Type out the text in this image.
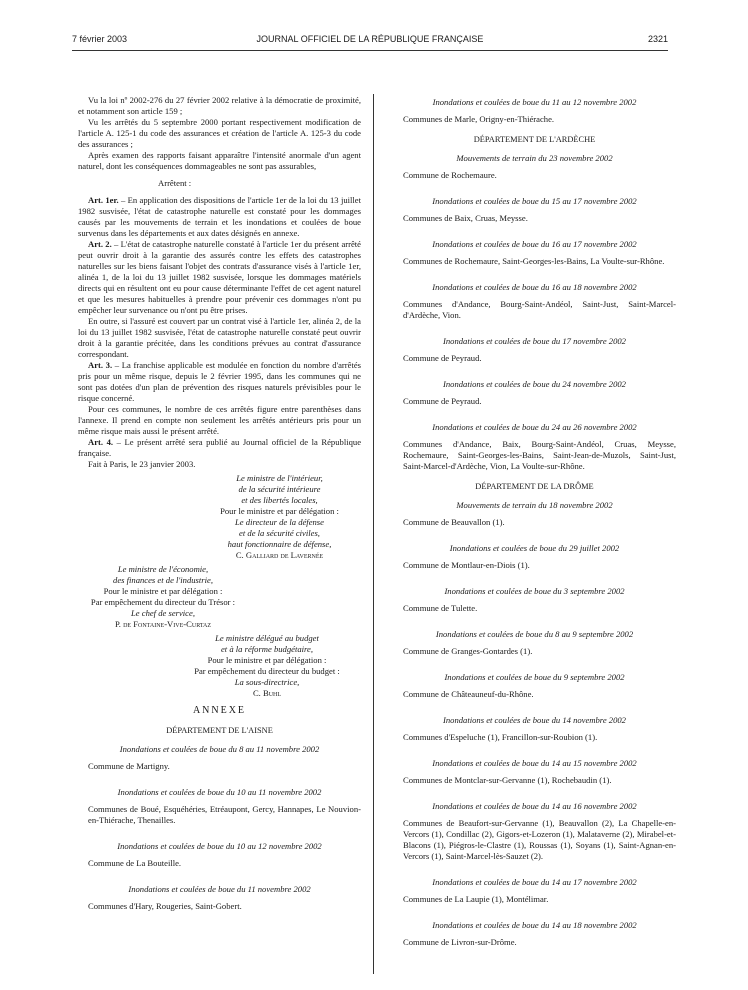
7 février 2003	JOURNAL OFFICIEL DE LA RÉPUBLIQUE FRANÇAISE	2321

Vu la loi nº 2002-276 du 27 février 2002 relative à la démocratie de proximité, et notamment son article 159 ;

Vu les arrêtés du 5 septembre 2000 portant respectivement modification de l'article A. 125-1 du code des assurances et création de l'article A. 125-3 du code des assurances ;

Après examen des rapports faisant apparaître l'intensité anormale d'un agent naturel, dont les conséquences dommageables ne sont pas assurables,

Arrêtent :

Art. 1er. – En application des dispositions de l'article 1er de la loi du 13 juillet 1982 susvisée, l'état de catastrophe naturelle est constaté pour les dommages causés par les mouvements de terrain et les inondations et coulées de boue survenus dans les départements et aux dates désignés en annexe.

Art. 2. – L'état de catastrophe naturelle constaté à l'article 1er du présent arrêté peut ouvrir droit à la garantie des assurés contre les effets des catastrophes naturelles sur les biens faisant l'objet des contrats d'assurance visés à l'article 1er, alinéa 1, de la loi du 13 juillet 1982 susvisée, lorsque les dommages matériels directs qui en résultent ont eu pour cause déterminante l'effet de cet agent naturel et que les mesures habituelles à prendre pour prévenir ces dommages n'ont pu empêcher leur survenance ou n'ont pu être prises.

En outre, si l'assuré est couvert par un contrat visé à l'article 1er, alinéa 2, de la loi du 13 juillet 1982 susvisée, l'état de catastrophe naturelle constaté peut ouvrir droit à la garantie précitée, dans les conditions prévues au contrat d'assurance correspondant.

Art. 3. – La franchise applicable est modulée en fonction du nombre d'arrêtés pris pour un même risque, depuis le 2 février 1995, dans les communes qui ne sont pas dotées d'un plan de prévention des risques naturels prévisibles pour le risque concerné.

Pour ces communes, le nombre de ces arrêtés figure entre parenthèses dans l'annexe. Il prend en compte non seulement les arrêtés antérieurs pris pour un même risque mais aussi le présent arrêté.

Art. 4. – Le présent arrêté sera publié au Journal officiel de la République française.

Fait à Paris, le 23 janvier 2003.

Le ministre de l'intérieur,

de la sécurité intérieure

et des libertés locales,

Pour le ministre et par délégation :

Le directeur de la défense

et de la sécurité civiles,

haut fonctionnaire de défense,

C. Galliard de Lavernée

Le ministre de l'économie,

des finances et de l'industrie,

Pour le ministre et par délégation :

Par empêchement du directeur du Trésor :

Le chef de service,

P. de Fontaine-Vive-Curtaz

Le ministre délégué au budget

et à la réforme budgétaire,

Pour le ministre et par délégation :

Par empêchement du directeur du budget :

La sous-directrice,

C. Buhl

ANNEXE

DÉPARTEMENT DE L'AISNE

Inondations et coulées de boue du 8 au 11 novembre 2002

Commune de Martigny.

Inondations et coulées de boue du 10 au 11 novembre 2002

Communes de Boué, Esquéhéries, Etréaupont, Gercy, Hannapes, Le Nouvion-en-Thiérache, Thenailles.

Inondations et coulées de boue du 10 au 12 novembre 2002

Commune de La Bouteille.

Inondations et coulées de boue du 11 novembre 2002

Communes d'Hary, Rougeries, Saint-Gobert.

Inondations et coulées de boue du 11 au 12 novembre 2002

Communes de Marle, Origny-en-Thiérache.

DÉPARTEMENT DE L'ARDÈCHE

Mouvements de terrain du 23 novembre 2002

Commune de Rochemaure.

Inondations et coulées de boue du 15 au 17 novembre 2002

Communes de Baix, Cruas, Meysse.

Inondations et coulées de boue du 16 au 17 novembre 2002

Communes de Rochemaure, Saint-Georges-les-Bains, La Voulte-sur-Rhône.

Inondations et coulées de boue du 16 au 18 novembre 2002

Communes d'Andance, Bourg-Saint-Andéol, Saint-Just, Saint-Marcel-d'Ardèche, Vion.

Inondations et coulées de boue du 17 novembre 2002

Commune de Peyraud.

Inondations et coulées de boue du 24 novembre 2002

Commune de Peyraud.

Inondations et coulées de boue du 24 au 26 novembre 2002

Communes d'Andance, Baix, Bourg-Saint-Andéol, Cruas, Meysse, Rochemaure, Saint-Georges-les-Bains, Saint-Jean-de-Muzols, Saint-Just, Saint-Marcel-d'Ardèche, Vion, La Voulte-sur-Rhône.

DÉPARTEMENT DE LA DRÔME

Mouvements de terrain du 18 novembre 2002

Commune de Beauvallon (1).

Inondations et coulées de boue du 29 juillet 2002

Commune de Montlaur-en-Diois (1).

Inondations et coulées de boue du 3 septembre 2002

Commune de Tulette.

Inondations et coulées de boue du 8 au 9 septembre 2002

Commune de Granges-Gontardes (1).

Inondations et coulées de boue du 9 septembre 2002

Commune de Châteauneuf-du-Rhône.

Inondations et coulées de boue du 14 novembre 2002

Communes d'Espeluche (1), Francillon-sur-Roubion (1).

Inondations et coulées de boue du 14 au 15 novembre 2002

Communes de Montclar-sur-Gervanne (1), Rochebaudin (1).

Inondations et coulées de boue du 14 au 16 novembre 2002

Communes de Beaufort-sur-Gervanne (1), Beauvallon (2), La Chapelle-en-Vercors (1), Condillac (2), Gigors-et-Lozeron (1), Malataverne (2), Mirabel-et-Blacons (1), Piégros-le-Clastre (1), Roussas (1), Soyans (1), Saint-Agnan-en-Vercors (1), Saint-Marcel-lès-Sauzet (2).

Inondations et coulées de boue du 14 au 17 novembre 2002

Communes de La Laupie (1), Montélimar.

Inondations et coulées de boue du 14 au 18 novembre 2002

Commune de Livron-sur-Drôme.
